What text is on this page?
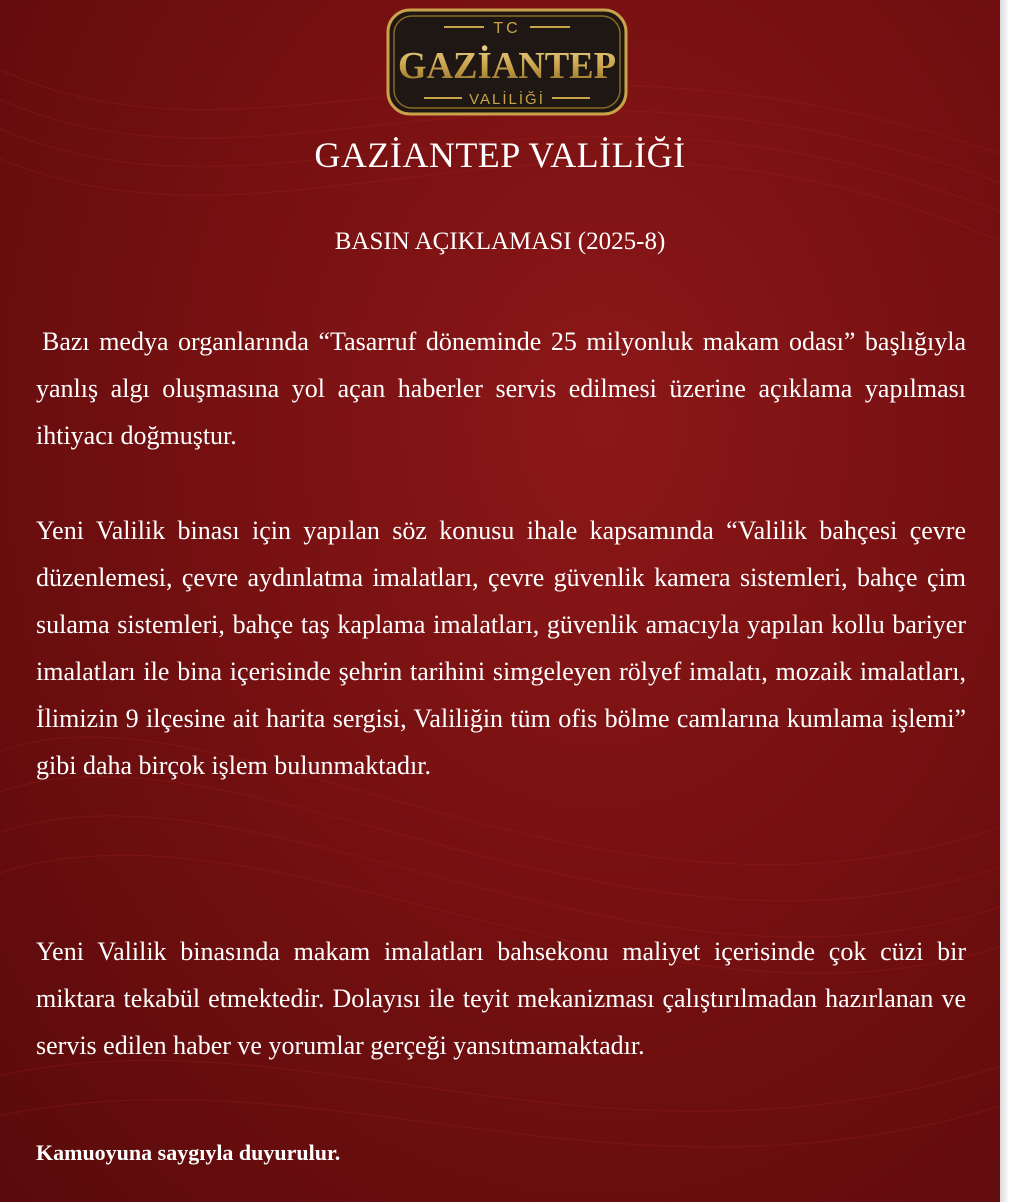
TC
GAZİANTEP
VALİLİĞİ
GAZİANTEP VALİLİĞİ
BASIN AÇIKLAMASI (2025-8)

Bazı medya organlarında “Tasarruf döneminde 25 milyonluk makam odası” başlığıyla yanlış algı oluşmasına yol açan haberler servis edilmesi üzerine açıklama yapılması ihtiyacı doğmuştur.

Yeni Valilik binası için yapılan söz konusu ihale kapsamında “Valilik bahçesi çevre düzenlemesi, çevre aydınlatma imalatları, çevre güvenlik kamera sistemleri, bahçe çim sulama sistemleri, bahçe taş kaplama imalatları, güvenlik amacıyla yapılan kollu bariyer imalatları ile bina içerisinde şehrin tarihini simgeleyen rölyef imalatı, mozaik imalatları, İlimizin 9 ilçesine ait harita sergisi, Valiliğin tüm ofis bölme camlarına kumlama işlemi” gibi daha birçok işlem bulunmaktadır.

Yeni Valilik binasında makam imalatları bahsekonu maliyet içerisinde çok cüzi bir miktara tekabül etmektedir. Dolayısı ile teyit mekanizması çalıştırılmadan hazırlanan ve servis edilen haber ve yorumlar gerçeği yansıtmamaktadır.

Kamuoyuna saygıyla duyurulur.
